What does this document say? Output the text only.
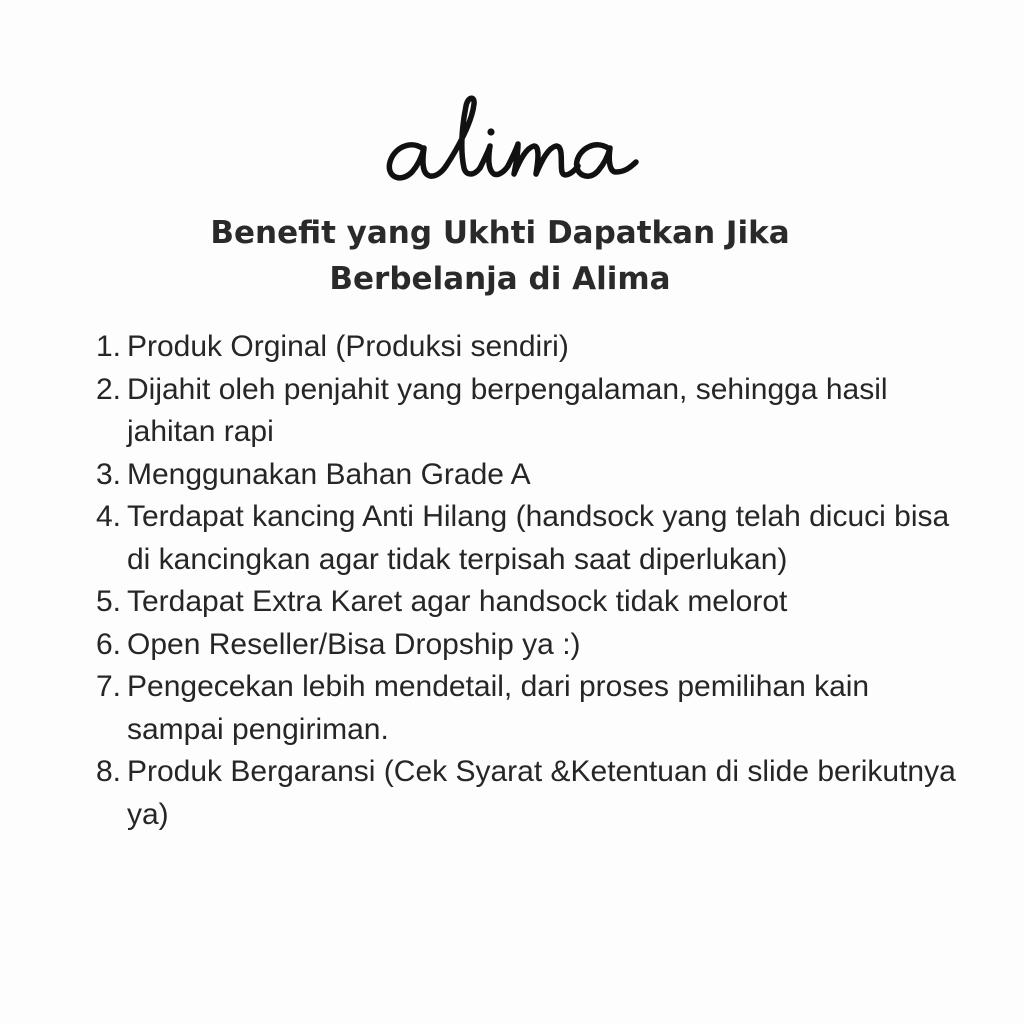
Benefit yang Ukhti Dapatkan Jika
Berbelanja di Alima
1. Produk Orginal (Produksi sendiri)
2. Dijahit oleh penjahit yang berpengalaman, sehingga hasil jahitan rapi
3. Menggunakan Bahan Grade A
4. Terdapat kancing Anti Hilang (handsock yang telah dicuci bisa di kancingkan agar tidak terpisah saat diperlukan)
5. Terdapat Extra Karet agar handsock tidak melorot
6. Open Reseller/Bisa Dropship ya :)
7. Pengecekan lebih mendetail, dari proses pemilihan kain sampai pengiriman.
8. Produk Bergaransi (Cek Syarat &Ketentuan di slide berikutnya ya)
